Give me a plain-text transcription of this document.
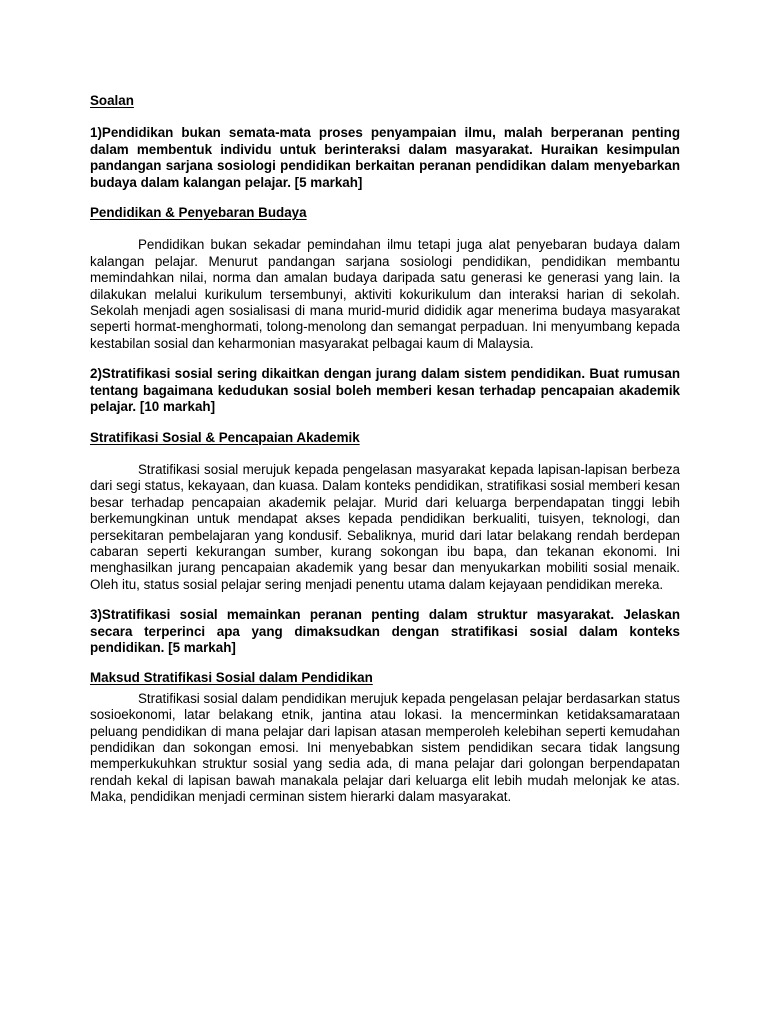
Soalan

1)Pendidikan bukan semata-mata proses penyampaian ilmu, malah berperanan penting dalam membentuk individu untuk berinteraksi dalam masyarakat. Huraikan kesimpulan pandangan sarjana sosiologi pendidikan berkaitan peranan pendidikan dalam menyebarkan budaya dalam kalangan pelajar. [5 markah]

Pendidikan & Penyebaran Budaya

Pendidikan bukan sekadar pemindahan ilmu tetapi juga alat penyebaran budaya dalam kalangan pelajar. Menurut pandangan sarjana sosiologi pendidikan, pendidikan membantu memindahkan nilai, norma dan amalan budaya daripada satu generasi ke generasi yang lain. Ia dilakukan melalui kurikulum tersembunyi, aktiviti kokurikulum dan interaksi harian di sekolah. Sekolah menjadi agen sosialisasi di mana murid-murid dididik agar menerima budaya masyarakat seperti hormat-menghormati, tolong-menolong dan semangat perpaduan. Ini menyumbang kepada kestabilan sosial dan keharmonian masyarakat pelbagai kaum di Malaysia.

2)Stratifikasi sosial sering dikaitkan dengan jurang dalam sistem pendidikan. Buat rumusan tentang bagaimana kedudukan sosial boleh memberi kesan terhadap pencapaian akademik pelajar. [10 markah]

Stratifikasi Sosial & Pencapaian Akademik

Stratifikasi sosial merujuk kepada pengelasan masyarakat kepada lapisan-lapisan berbeza dari segi status, kekayaan, dan kuasa. Dalam konteks pendidikan, stratifikasi sosial memberi kesan besar terhadap pencapaian akademik pelajar. Murid dari keluarga berpendapatan tinggi lebih berkemungkinan untuk mendapat akses kepada pendidikan berkualiti, tuisyen, teknologi, dan persekitaran pembelajaran yang kondusif. Sebaliknya, murid dari latar belakang rendah berdepan cabaran seperti kekurangan sumber, kurang sokongan ibu bapa, dan tekanan ekonomi. Ini menghasilkan jurang pencapaian akademik yang besar dan menyukarkan mobiliti sosial menaik. Oleh itu, status sosial pelajar sering menjadi penentu utama dalam kejayaan pendidikan mereka.

3)Stratifikasi sosial memainkan peranan penting dalam struktur masyarakat. Jelaskan secara terperinci apa yang dimaksudkan dengan stratifikasi sosial dalam konteks pendidikan. [5 markah]

Maksud Stratifikasi Sosial dalam Pendidikan

Stratifikasi sosial dalam pendidikan merujuk kepada pengelasan pelajar berdasarkan status sosioekonomi, latar belakang etnik, jantina atau lokasi. Ia mencerminkan ketidaksamarataan peluang pendidikan di mana pelajar dari lapisan atasan memperoleh kelebihan seperti kemudahan pendidikan dan sokongan emosi. Ini menyebabkan sistem pendidikan secara tidak langsung memperkukuhkan struktur sosial yang sedia ada, di mana pelajar dari golongan berpendapatan rendah kekal di lapisan bawah manakala pelajar dari keluarga elit lebih mudah melonjak ke atas. Maka, pendidikan menjadi cerminan sistem hierarki dalam masyarakat.
